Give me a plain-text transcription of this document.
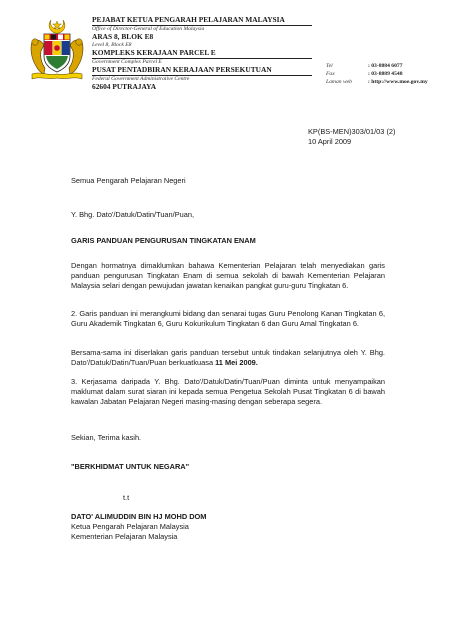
PEJABAT KETUA PENGARAH PELAJARAN MALAYSIA
Office of Director-General of Education Malaysia
ARAS 8, BLOK E8
Level 8, Block E8
KOMPLEKS KERAJAAN PARCEL E
Government Complex Parcel E
PUSAT PENTADBIRAN KERAJAAN PERSEKUTUAN
Federal Government Administrative Centre
62604 PUTRAJAYA
Tel	: 03-8884 6077
Fax	: 03-8889 4548
Laman web	: http://www.moe.gov.my
KP(BS-MEN)303/01/03 (2)
10 April 2009
Semua Pengarah Pelajaran Negeri
Y. Bhg. Dato'/Datuk/Datin/Tuan/Puan,
GARIS PANDUAN PENGURUSAN TINGKATAN ENAM
Dengan hormatnya dimaklumkan bahawa Kementerian Pelajaran telah menyediakan garis panduan pengurusan Tingkatan Enam di semua sekolah di bawah Kementerian Pelajaran Malaysia selari dengan pewujudan jawatan kenaikan pangkat guru-guru Tingkatan 6.
2. Garis panduan ini merangkumi bidang dan senarai tugas Guru Penolong Kanan Tingkatan 6, Guru Akademik Tingkatan 6, Guru Kokurikulum Tingkatan 6 dan Guru Amal Tingkatan 6.
Bersama-sama ini diserlakan garis panduan tersebut untuk tindakan selanjutnya oleh Y. Bhg. Dato'/Datuk/Datin/Tuan/Puan berkuatkuasa 11 Mei 2009.
3. Kerjasama daripada Y. Bhg. Dato'/Datuk/Datin/Tuan/Puan diminta untuk menyampaikan maklumat dalam surat siaran ini kepada semua Pengetua Sekolah Pusat Tingkatan 6 di bawah kawalan Jabatan Pelajaran Negeri masing-masing dengan seberapa segera.
Sekian, Terima kasih.
"BERKHIDMAT UNTUK NEGARA"
t.t
DATO' ALIMUDDIN BIN HJ MOHD DOM
Ketua Pengarah Pelajaran Malaysia
Kementerian Pelajaran Malaysia
